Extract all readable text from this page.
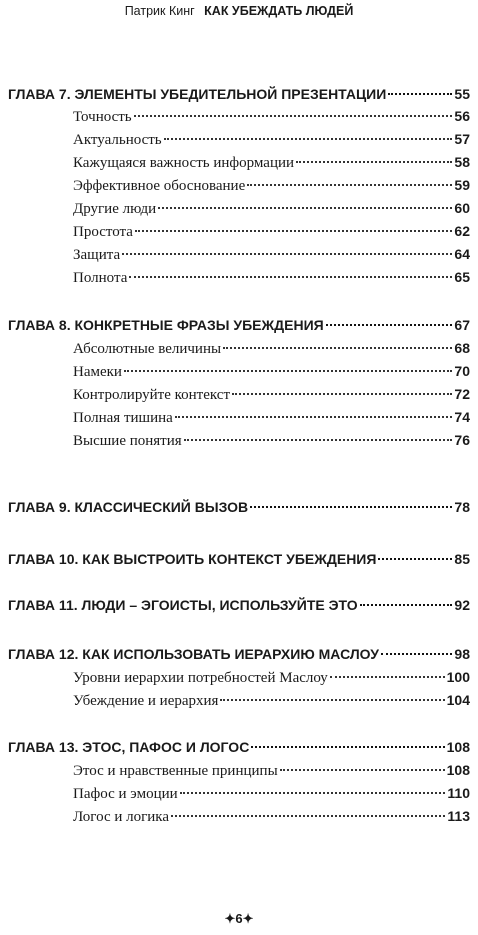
Патрик Кинг КАК УБЕЖДАТЬ ЛЮДЕЙ
ГЛАВА 7. ЭЛЕМЕНТЫ УБЕДИТЕЛЬНОЙ ПРЕЗЕНТАЦИИ	55
Точность	56
Актуальность	57
Кажущаяся важность информации	58
Эффективное обоснование	59
Другие люди	60
Простота	62
Защита	64
Полнота	65
ГЛАВА 8. КОНКРЕТНЫЕ ФРАЗЫ УБЕЖДЕНИЯ	67
Абсолютные величины	68
Намеки	70
Контролируйте контекст	72
Полная тишина	74
Высшие понятия	76
ГЛАВА 9. КЛАССИЧЕСКИЙ ВЫЗОВ	78
ГЛАВА 10. КАК ВЫСТРОИТЬ КОНТЕКСТ УБЕЖДЕНИЯ	85
ГЛАВА 11. ЛЮДИ – ЭГОИСТЫ, ИСПОЛЬЗУЙТЕ ЭТО	92
ГЛАВА 12. КАК ИСПОЛЬЗОВАТЬ ИЕРАРХИЮ МАСЛОУ	98
Уровни иерархии потребностей Маслоу	100
Убеждение и иерархия	104
ГЛАВА 13. ЭТОС, ПАФОС И ЛОГОС	108
Этос и нравственные принципы	108
Пафос и эмоции	110
Логос и логика	113
✦6✦
